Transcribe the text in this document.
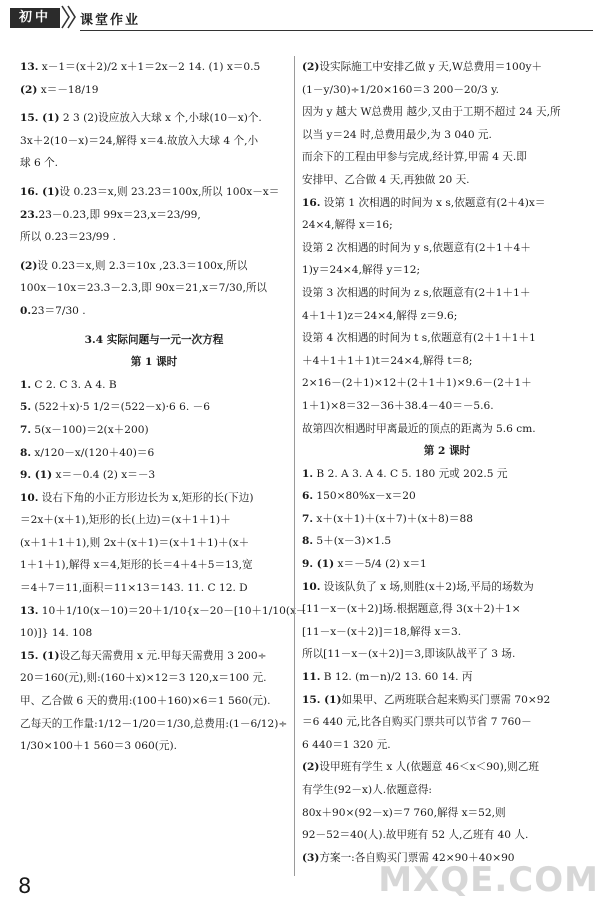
初中	课堂作业
13. x－1＝(x＋2)/2 x＋1＝2x－2 14. (1) x＝0.5
(2) x＝－18/19
15. (1) 2 3 (2)设应放入大球 x 个,小球(10－x)个.
3x＋2(10－x)＝24,解得 x＝4.故放入大球 4 个,小
球 6 个.
16. (1)设 0.2̇3̇＝x,则 23.2̇3̇＝100x,所以 100x－x＝
23.2̇3̇－0.2̇3̇,即 99x＝23,x＝23/99,
所以 0.2̇3̇＝23/99 .
(2)设 0.23̇＝x,则 2.3̇＝10x ,23.3̇＝100x,所以
100x－10x＝23.3̇－2.3̇,即 90x＝21,x＝7/30,所以
0.23̇＝7/30 .
3.4 实际问题与一元一次方程
第 1 课时
1. C 2. C 3. A 4. B
5. (522＋x)·5 1/2＝(522－x)·6 6. －6
7. 5(x－100)＝2(x＋200)
8. x/120－x/(120＋40)＝6
9. (1) x＝－0.4 (2) x＝－3
10. 设右下角的小正方形边长为 x,矩形的长(下边)
＝2x＋(x＋1),矩形的长(上边)＝(x＋1＋1)＋
(x＋1＋1＋1),则 2x＋(x＋1)＝(x＋1＋1)＋(x＋
1＋1＋1),解得 x＝4,矩形的长＝4＋4＋5＝13,宽
＝4＋7＝11,面积＝11×13＝143. 11. C 12. D
13. 10＋1/10(x－10)＝20＋1/10{x－20－[10＋1/10(x－
10)]} 14. 108
15. (1)设乙每天需费用 x 元.甲每天需费用 3 200÷
20＝160(元),则:(160＋x)×12＝3 120,x＝100 元.
甲、乙合做 6 天的费用:(100＋160)×6＝1 560(元).
乙每天的工作量:1/12－1/20＝1/30,总费用:(1－6/12)÷
1/30×100＋1 560＝3 060(元).
(2)设实际施工中安排乙做 y 天,W总费用＝100y＋
(1－y/30)÷1/20×160＝3 200－20/3 y.
因为 y 越大 W总费用 越少,又由于工期不超过 24 天,所
以当 y＝24 时,总费用最少,为 3 040 元.
而余下的工程由甲参与完成,经计算,甲需 4 天.即
安排甲、乙合做 4 天,再独做 20 天.
16. 设第 1 次相遇的时间为 x s,依题意有(2＋4)x＝
24×4,解得 x＝16;
设第 2 次相遇的时间为 y s,依题意有(2＋1＋4＋
1)y＝24×4,解得 y＝12;
设第 3 次相遇的时间为 z s,依题意有(2＋1＋1＋
4＋1＋1)z＝24×4,解得 z＝9.6;
设第 4 次相遇的时间为 t s,依题意有(2＋1＋1＋1
＋4＋1＋1＋1)t＝24×4,解得 t＝8;
2×16－(2＋1)×12＋(2＋1＋1)×9.6－(2＋1＋
1＋1)×8＝32－36＋38.4－40＝－5.6.
故第四次相遇时甲离最近的顶点的距离为 5.6 cm.
第 2 课时
1. B 2. A 3. A 4. C 5. 180 元或 202.5 元
6. 150×80%x－x＝20
7. x＋(x＋1)＋(x＋7)＋(x＋8)＝88
8. 5＋(x－3)×1.5
9. (1) x＝－5/4 (2) x＝1
10. 设该队负了 x 场,则胜(x＋2)场,平局的场数为
[11－x－(x＋2)]场.根据题意,得 3(x＋2)＋1×
[11－x－(x＋2)]＝18,解得 x＝3.
所以[11－x－(x＋2)]＝3,即该队战平了 3 场.
11. B 12. (m－n)/2 13. 60 14. 丙
15. (1)如果甲、乙两班联合起来购买门票需 70×92
＝6 440 元,比各自购买门票共可以节省 7 760－
6 440＝1 320 元.
(2)设甲班有学生 x 人(依题意 46＜x＜90),则乙班
有学生(92－x)人.依题意得:
80x＋90×(92－x)＝7 760,解得 x＝52,则
92－52＝40(人).故甲班有 52 人,乙班有 40 人.
(3)方案一:各自购买门票需 42×90＋40×90
8	MXQE.COM
